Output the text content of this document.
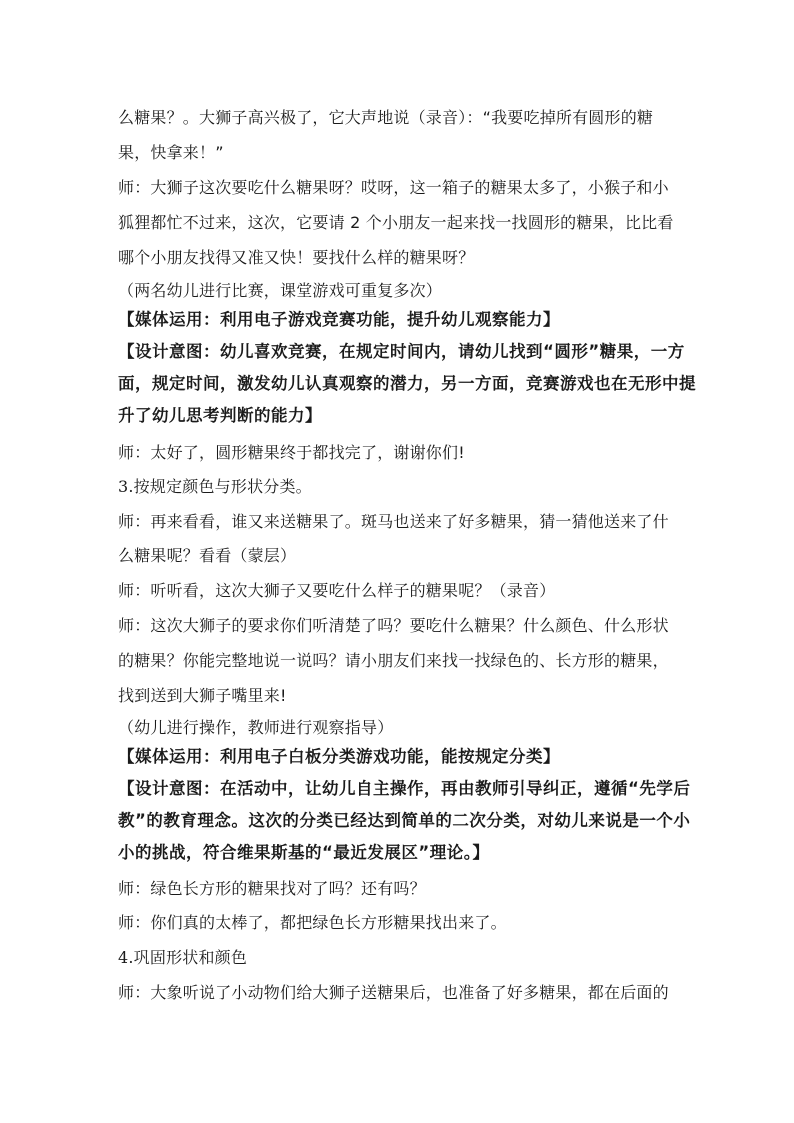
么糖果？。大狮子高兴极了，它大声地说（录音）：“我要吃掉所有圆形的糖
果，快拿来！”
师：大狮子这次要吃什么糖果呀？哎呀，这一箱子的糖果太多了，小猴子和小
狐狸都忙不过来，这次，它要请 2 个小朋友一起来找一找圆形的糖果，比比看
哪个小朋友找得又准又快！要找什么样的糖果呀？
（两名幼儿进行比赛，课堂游戏可重复多次）
【媒体运用：利用电子游戏竞赛功能，提升幼儿观察能力】
【设计意图：幼儿喜欢竞赛，在规定时间内，请幼儿找到“圆形”糖果，一方
面，规定时间，激发幼儿认真观察的潜力，另一方面，竞赛游戏也在无形中提
升了幼儿思考判断的能力】
师：太好了，圆形糖果终于都找完了，谢谢你们!
3.按规定颜色与形状分类。
师：再来看看，谁又来送糖果了。斑马也送来了好多糖果，猜一猜他送来了什
么糖果呢？看看（蒙层）
师：听听看，这次大狮子又要吃什么样子的糖果呢？（录音）
师：这次大狮子的要求你们听清楚了吗？要吃什么糖果？什么颜色、什么形状
的糖果？你能完整地说一说吗？请小朋友们来找一找绿色的、长方形的糖果，
找到送到大狮子嘴里来!
（幼儿进行操作，教师进行观察指导）
【媒体运用：利用电子白板分类游戏功能，能按规定分类】
【设计意图：在活动中，让幼儿自主操作，再由教师引导纠正，遵循“先学后
教”的教育理念。这次的分类已经达到简单的二次分类，对幼儿来说是一个小
小的挑战，符合维果斯基的“最近发展区”理论。】
师：绿色长方形的糖果找对了吗？还有吗？
师：你们真的太棒了，都把绿色长方形糖果找出来了。
4.巩固形状和颜色
师：大象听说了小动物们给大狮子送糖果后，也准备了好多糖果，都在后面的
